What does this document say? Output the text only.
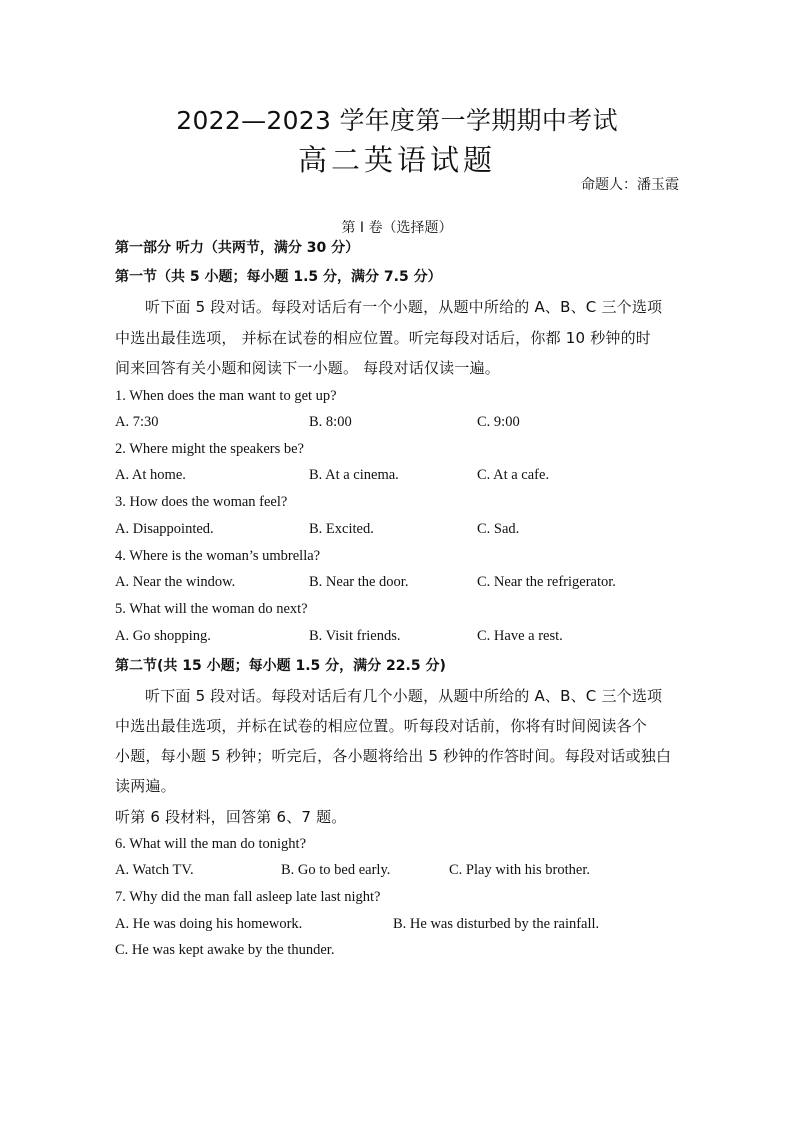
2022—2023 学年度第一学期期中考试
高二英语试题
命题人：潘玉霞
第 I 卷（选择题）
第一部分 听力（共两节，满分 30 分）
第一节（共 5 小题；每小题 1.5 分，满分 7.5 分）
听下面 5 段对话。每段对话后有一个小题，从题中所给的 A、B、C 三个选项
中选出最佳选项， 并标在试卷的相应位置。听完每段对话后，你都 10 秒钟的时
间来回答有关小题和阅读下一小题。 每段对话仅读一遍。
1. When does the man want to get up?
A. 7:30	B. 8:00	C. 9:00
2. Where might the speakers be?
A. At home.	B. At a cinema.	C. At a cafe.
3. How does the woman feel?
A. Disappointed.	B. Excited.	C. Sad.
4. Where is the woman’s umbrella?
A. Near the window.	B. Near the door.	C. Near the refrigerator.
5. What will the woman do next?
A. Go shopping.	B. Visit friends.	C. Have a rest.
第二节(共 15 小题；每小题 1.5 分，满分 22.5 分)
听下面 5 段对话。每段对话后有几个小题，从题中所给的 A、B、C 三个选项
中选出最佳选项，并标在试卷的相应位置。听每段对话前，你将有时间阅读各个
小题，每小题 5 秒钟；听完后，各小题将给出 5 秒钟的作答时间。每段对话或独白
读两遍。
听第 6 段材料，回答第 6、7 题。
6. What will the man do tonight?
A. Watch TV.	B. Go to bed early.	C. Play with his brother.
7. Why did the man fall asleep late last night?
A. He was doing his homework.	B. He was disturbed by the rainfall.
C. He was kept awake by the thunder.
